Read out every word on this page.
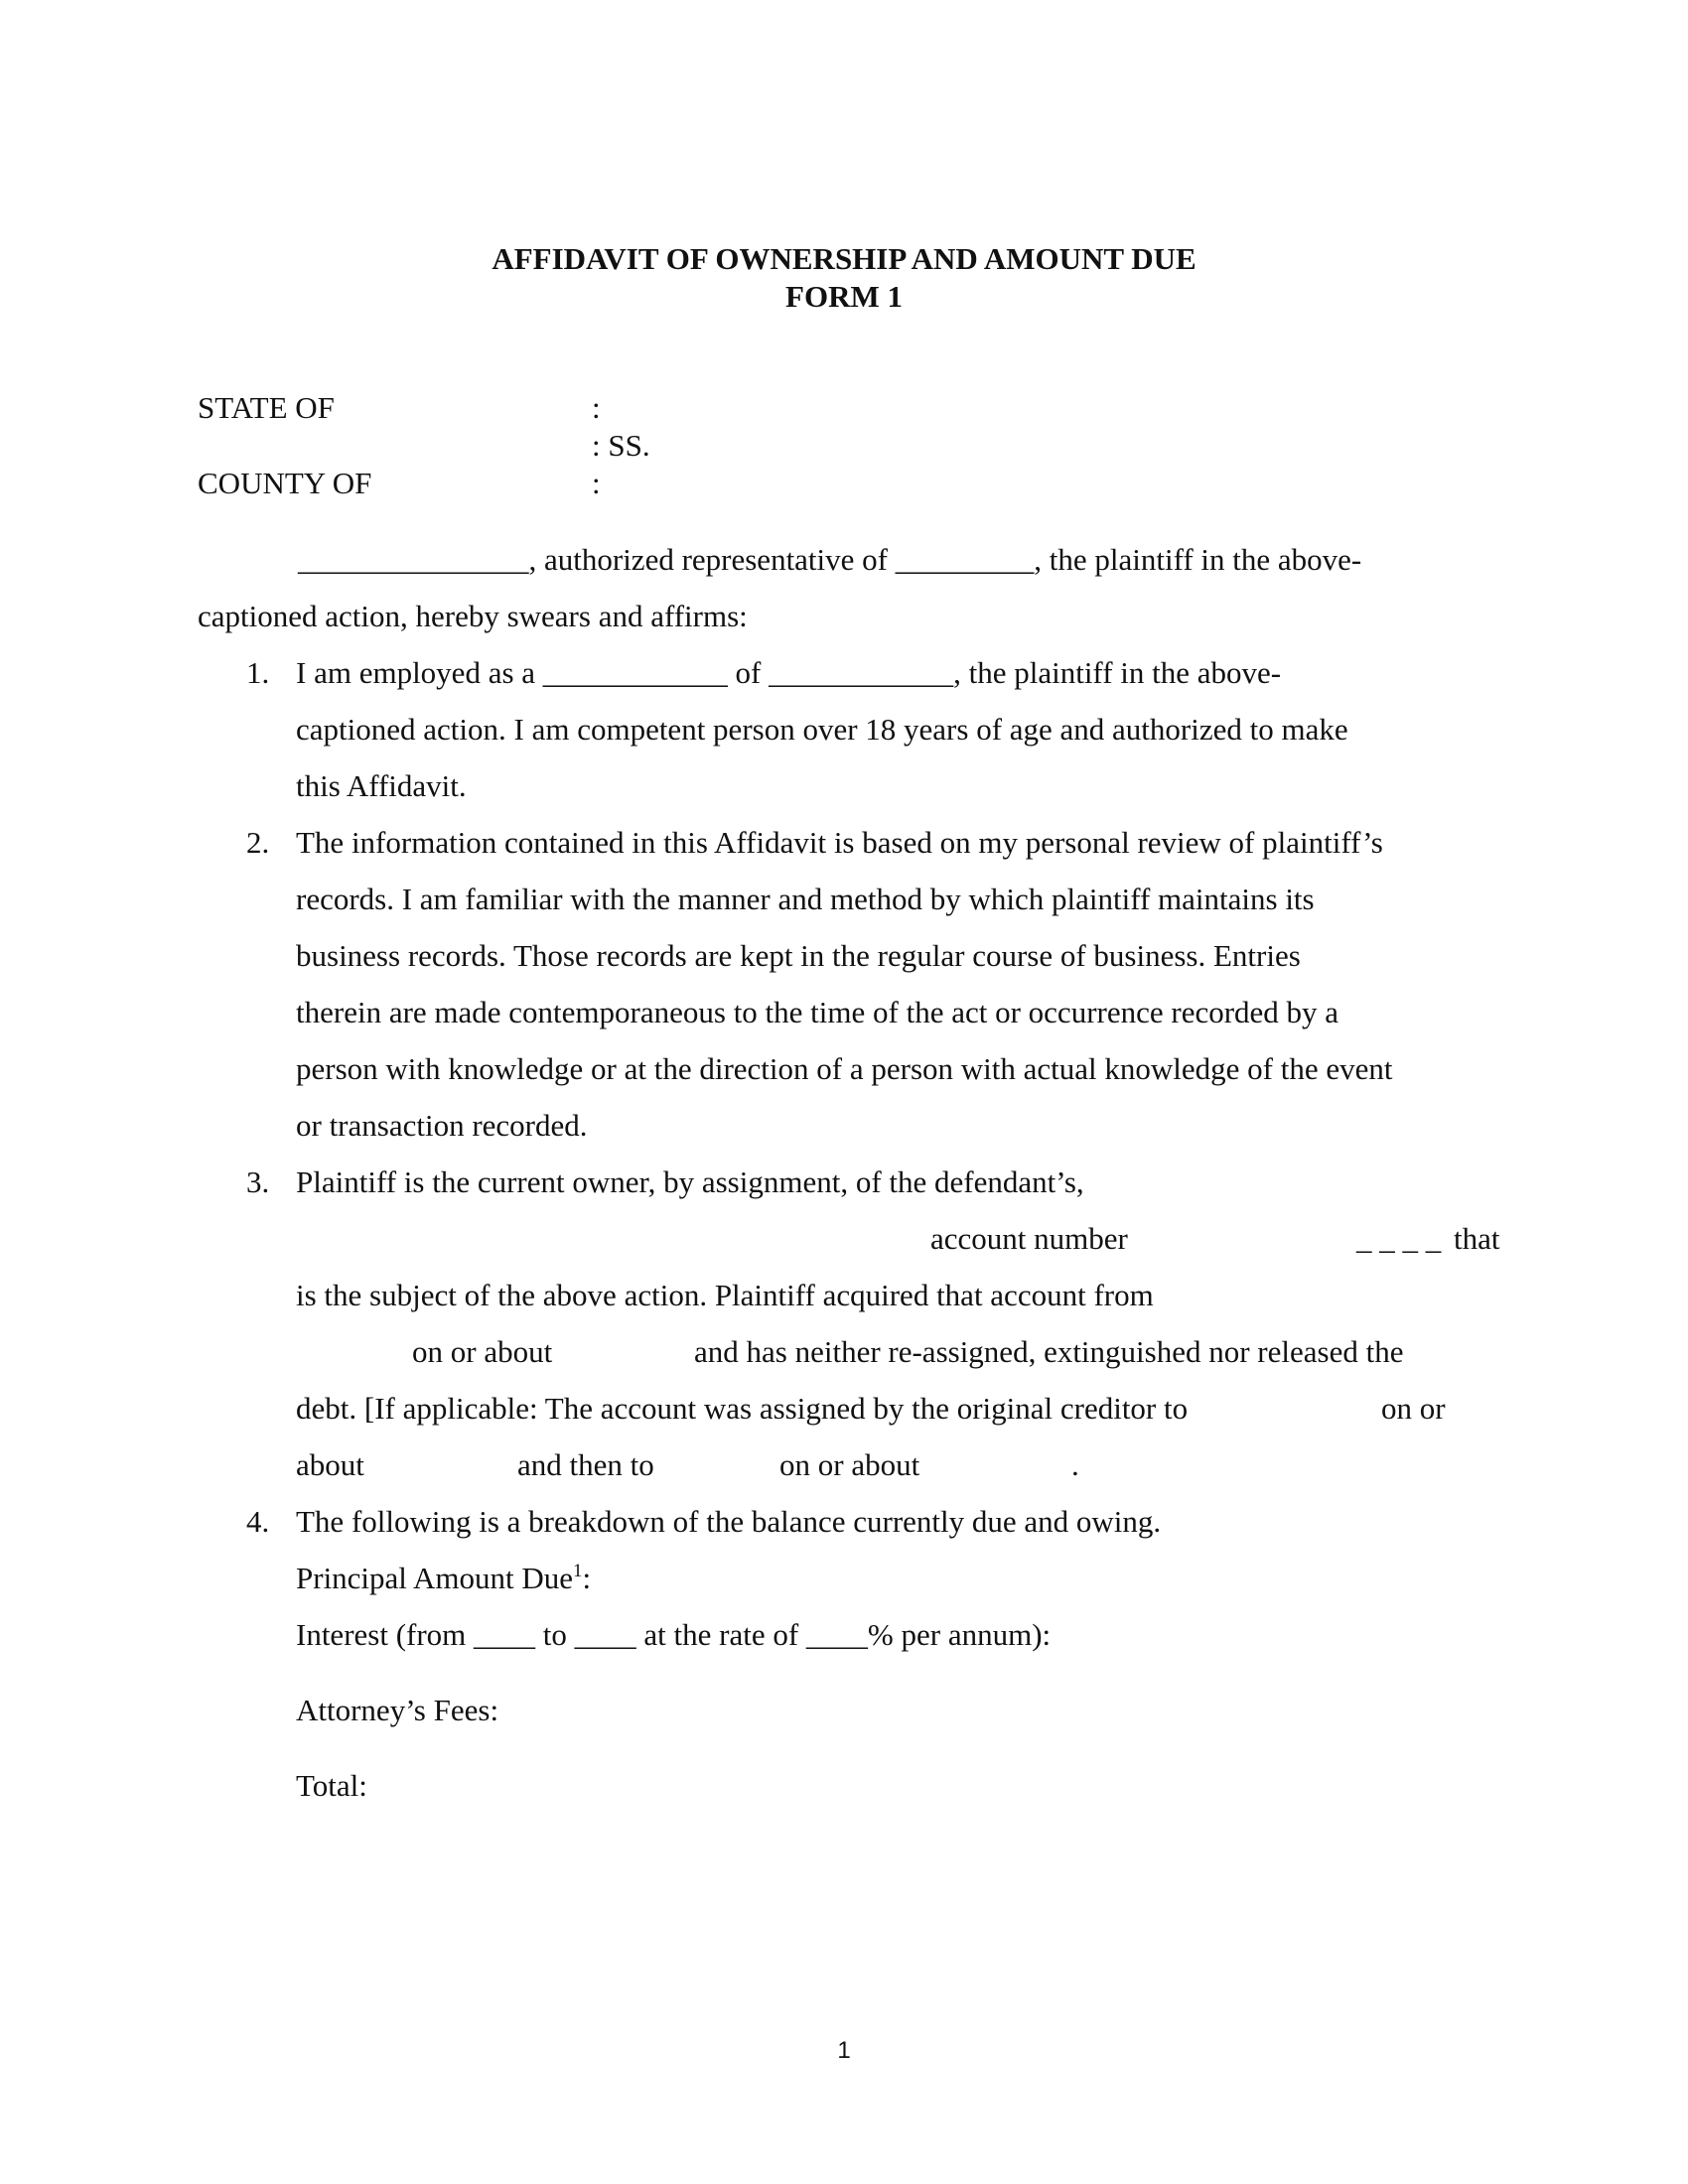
AFFIDAVIT OF OWNERSHIP AND AMOUNT DUE
FORM 1
STATE OF	:
: SS.
COUNTY OF	:
_______________, authorized representative of _________, the plaintiff in the above-
captioned action, hereby swears and affirms:
1. I am employed as a ____________ of ____________, the plaintiff in the above-
captioned action. I am competent person over 18 years of age and authorized to make
this Affidavit.
2. The information contained in this Affidavit is based on my personal review of plaintiff’s
records. I am familiar with the manner and method by which plaintiff maintains its
business records. Those records are kept in the regular course of business. Entries
therein are made contemporaneous to the time of the act or occurrence recorded by a
person with knowledge or at the direction of a person with actual knowledge of the event
or transaction recorded.
3. Plaintiff is the current owner, by assignment, of the defendant’s,
account number	_ _ _ _ that
is the subject of the above action. Plaintiff acquired that account from
on or about	and has neither re-assigned, extinguished nor released the
debt. [If applicable: The account was assigned by the original creditor to	on or
about	and then to	on or about	.
4. The following is a breakdown of the balance currently due and owing.
Principal Amount Due$^1$:
Interest (from ____ to ____ at the rate of ____% per annum):
Attorney’s Fees:
Total:
1
